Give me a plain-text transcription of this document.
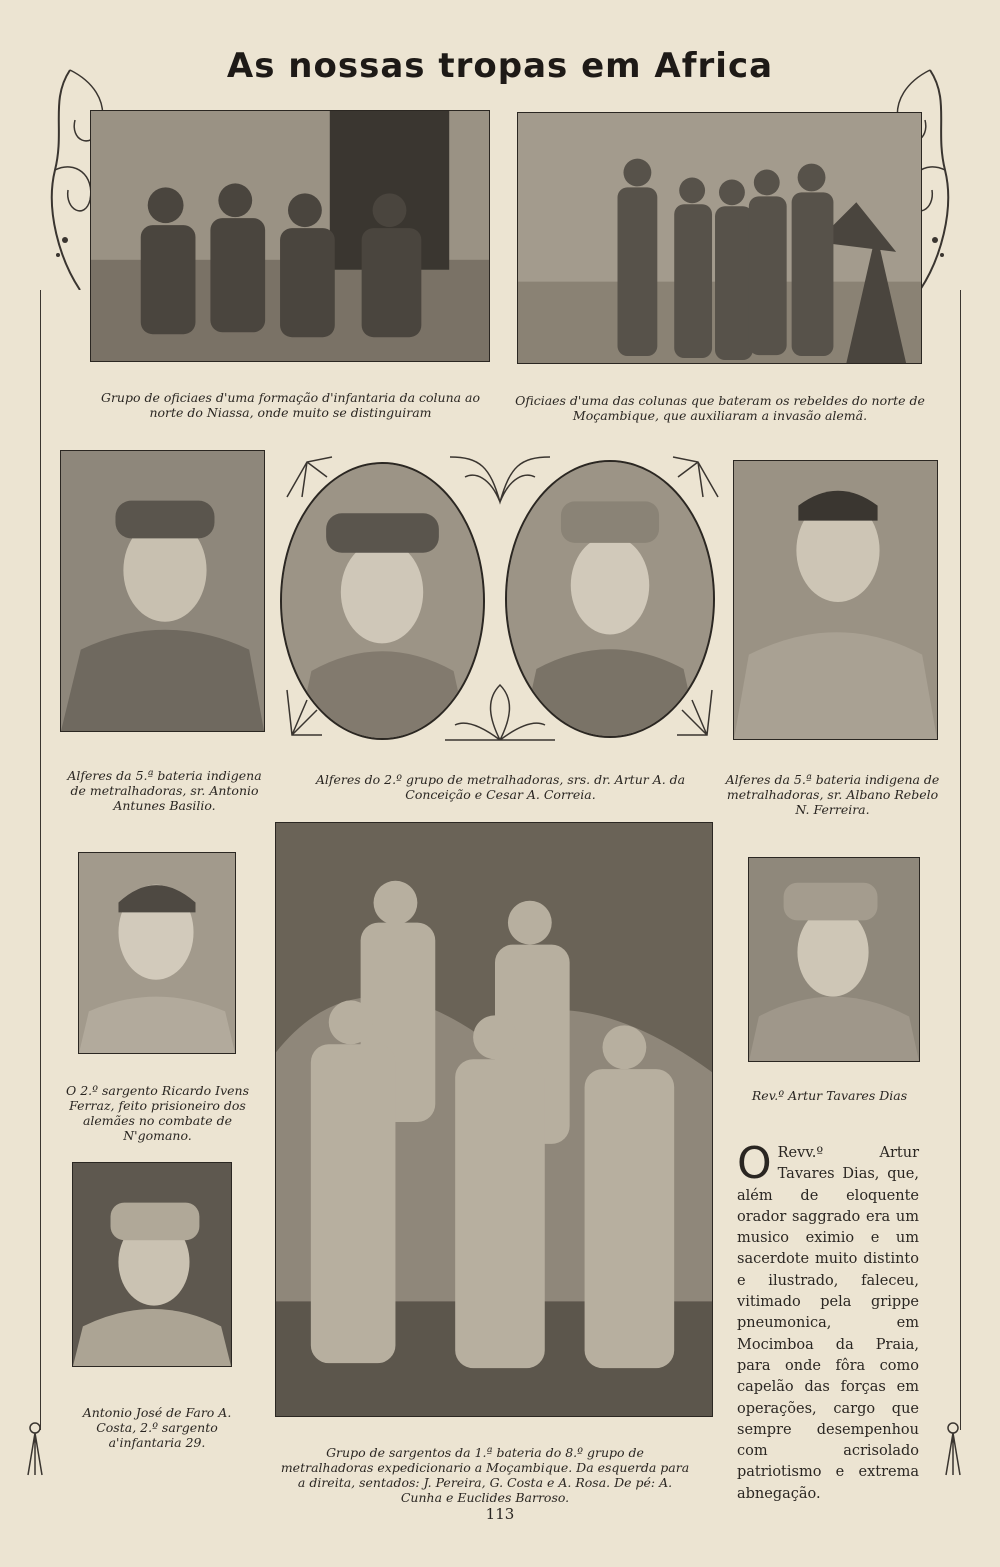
As nossas tropas em Africa

Grupo de oficiaes d'uma formação d'infantaria da coluna ao norte do Niassa, onde muito se distinguiram

Oficiaes d'uma das colunas que bateram os rebeldes do norte de Moçambique, que auxiliaram a invasão alemã.

Alferes da 5.ª bateria indigena de metralhadoras, sr. Antonio Antunes Basilio.

Alferes do 2.º grupo de metralhadoras, srs. dr. Artur A. da Conceição e Cesar A. Correia.

Alferes da 5.ª bateria indigena de metralhadoras, sr. Albano Rebelo N. Ferreira.

O 2.º sargento Ricardo Ivens Ferraz, feito prisioneiro dos alemães no combate de N'gomano.

Rev.º Artur Tavares Dias

Antonio José de Faro A. Costa, 2.º sargento a'infantaria 29.

Grupo de sargentos da 1.ª bateria do 8.º grupo de metralhadoras expedicionario a Moçambique. Da esquerda para a direita, sentados: J. Pereira, G. Costa e A. Rosa. De pé: A. Cunha e Euclides Barroso.

O Revv.º Artur Tavares Dias, que, além de eloquente orador saggrado era um musico eximio e um sacerdote muito distinto e ilustrado, faleceu, vitimado pela grippe pneumonica, em Mocimboa da Praia, para onde fôra como capelão das forças em operações, cargo que sempre desempenhou com acrisolado patriotismo e extrema abnegação.
113
